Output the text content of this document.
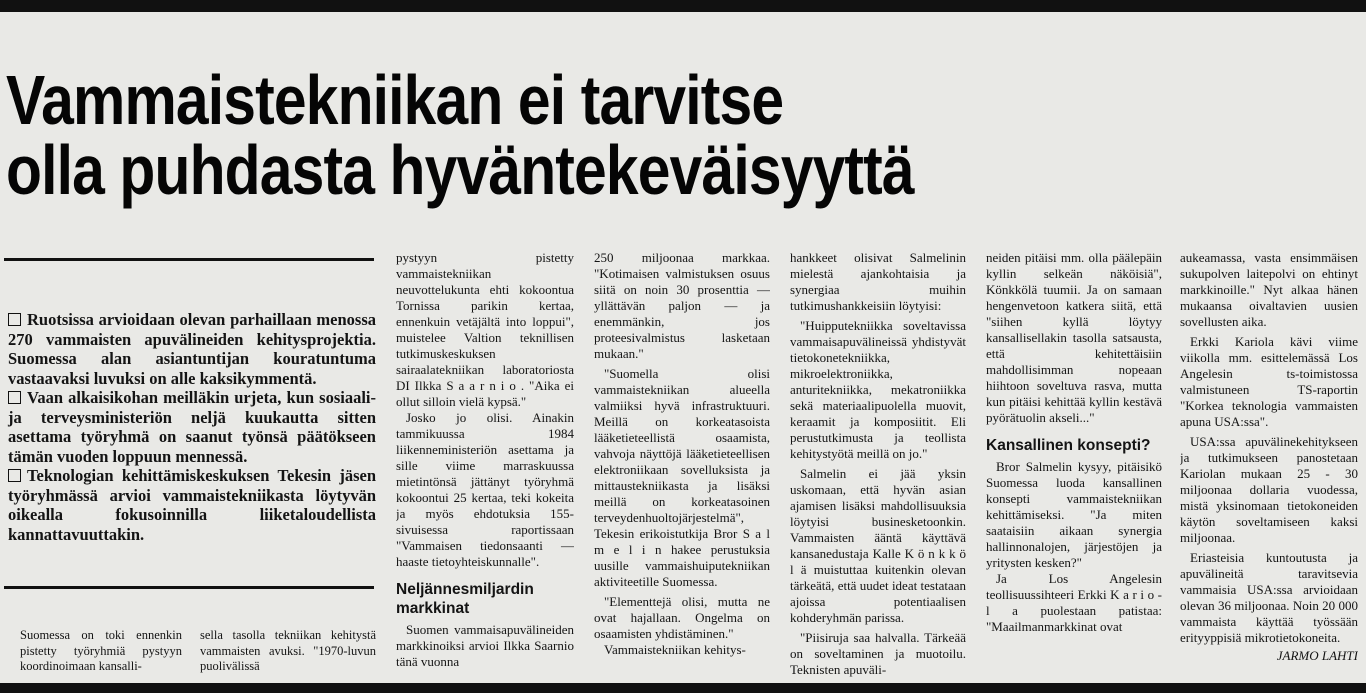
Vammaistekniikan ei tarvitse
olla puhdasta hyväntekeväisyyttä

Ruotsissa arvioidaan olevan parhaillaan menossa 270 vammaisten apuvälineiden kehitysprojektia. Suomessa alan asiantuntijan kouratuntuma vastaavaksi luvuksi on alle kaksikymmentä.

Vaan alkaisikohan meilläkin urjeta, kun sosiaali- ja terveysministeriön neljä kuukautta sitten asettama työryhmä on saanut työnsä päätökseen tämän vuoden loppuun mennessä.

Teknologian kehittämiskeskuksen Tekesin jäsen työryhmässä arvioi vammaistekniikasta löytyvän oikealla fokusoinnilla liiketaloudellista kannattavuuttakin.

Suomessa on toki ennenkin pistetty työryhmiä pystyyn koordinoimaan kansalli-
sella tasolla tekniikan kehitystä vammaisten avuksi. "1970-luvun puolivälissä

pystyyn pistetty vammaistekniikan neuvottelukunta ehti kokoontua Tornissa parikin kertaa, ennenkuin vetäjältä into loppui", muistelee Valtion teknillisen tutkimuskeskuksen sairaalatekniikan laboratoriosta DI Ilkka S a a r n i o . "Aika ei ollut silloin vielä kypsä."

Josko jo olisi. Ainakin tammikuussa 1984 liikenneministeriön asettama ja sille viime marraskuussa mietintönsä jättänyt työryhmä kokoontui 25 kertaa, teki kokeita ja myös ehdotuksia 155-sivuisessa raportissaan "Vammaisen tiedonsaanti — haaste tietoyhteiskunnalle".

Neljännesmiljardin markkinat

Suomen vammaisapuvälineiden markkinoiksi arvioi Ilkka Saarnio tänä vuonna

250 miljoonaa markkaa. "Kotimaisen valmistuksen osuus siitä on noin 30 prosenttia — yllättävän paljon — ja enemmänkin, jos proteesivalmistus lasketaan mukaan."

"Suomella olisi vammaistekniikan alueella valmiiksi hyvä infrastruktuuri. Meillä on korkeatasoista lääketieteellistä osaamista, vahvoja näyttöjä lääketieteellisen elektroniikaan sovelluksista ja mittaustekniikasta ja lisäksi meillä on korkeatasoinen terveydenhuoltojärjestelmä", Tekesin erikoistutkija Bror S a l m e l i n hakee perustuksia uusille vammaishuiputekniikan aktiviteetille Suomessa.

"Elementtejä olisi, mutta ne ovat hajallaan. Ongelma on osaamisten yhdistäminen."

Vammaistekniikan kehitys-

hankkeet olisivat Salmelinin mielestä ajankohtaisia ja synergiaa muihin tutkimushankkeisiin löytyisi:

"Huipputekniikka soveltavissa vammaisapuvälineissä yhdistyvät tietokonetekniikka, mikroelektroniikka, anturitekniikka, mekatroniikka sekä materiaalipuolella muovit, keraamit ja komposiitit. Eli perustutkimusta ja teollista kehitystyötä meillä on jo."

Salmelin ei jää yksin uskomaan, että hyvän asian ajamisen lisäksi mahdollisuuksia löytyisi businesketoonkin. Vammaisten ääntä käyttävä kansanedustaja Kalle K ö n k k ö l ä muistuttaa kuitenkin olevan tärkeätä, että uudet ideat testataan ajoissa potentiaalisen kohderyhmän parissa.

"Piisiruja saa halvalla. Tärkeää on soveltaminen ja muotoilu. Teknisten apuväli-

neiden pitäisi mm. olla päälepäin kyllin selkeän näköisiä", Könkkölä tuumii. Ja on samaan hengenvetoon katkera siitä, että "siihen kyllä löytyy kansallisellakin tasolla satsausta, että kehitettäisiin mahdollisimman nopeaan hiihtoon soveltuva rasva, mutta kun pitäisi kehittää kyllin kestävä pyörätuolin akseli..."

Kansallinen konsepti?

Bror Salmelin kysyy, pitäisikö Suomessa luoda kansallinen konsepti vammaistekniikan kehittämiseksi. "Ja miten saataisiin aikaan synergia hallinnonalojen, järjestöjen ja yritysten kesken?"

Ja Los Angelesin teollisuussihteeri Erkki K a r i o - l a puolestaan patistaa: "Maailmanmarkkinat ovat

aukeamassa, vasta ensimmäisen sukupolven laitepolvi on ehtinyt markkinoille." Nyt alkaa hänen mukaansa oivaltavien uusien sovellusten aika.

Erkki Kariola kävi viime viikolla mm. esittelemässä Los Angelesin ts-toimistossa valmistuneen TS-raportin "Korkea teknologia vammaisten apuna USA:ssa".

USA:ssa apuvälinekehitykseen ja tutkimukseen panostetaan Kariolan mukaan 25 - 30 miljoonaa dollaria vuodessa, mistä yksinomaan tietokoneiden käytön soveltamiseen kaksi miljoonaa.

Eriasteisia kuntoutusta ja apuvälineitä taravitsevia vammaisia USA:ssa arvioidaan olevan 36 miljoonaa. Noin 20 000 vammaista käyttää työssään erityyppisiä mikrotietokoneita.

JARMO LAHTI
